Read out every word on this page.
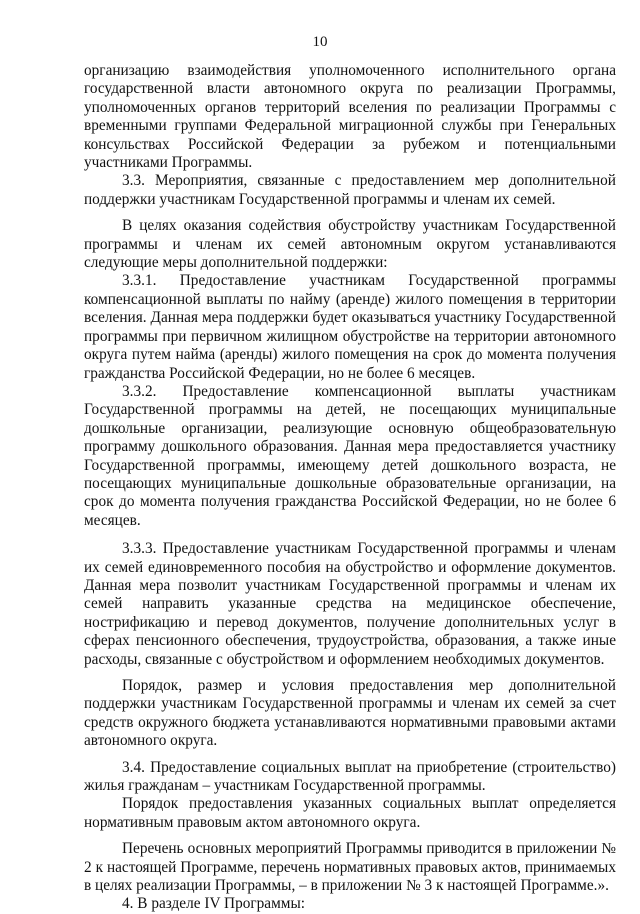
10

организацию взаимодействия уполномоченного исполнительного органа государственной власти автономного округа по реализации Программы, уполномоченных органов территорий вселения по реализации Программы с временными группами Федеральной миграционной службы при Генеральных консульствах Российской Федерации за рубежом и потенциальными участниками Программы.

3.3. Мероприятия, связанные с предоставлением мер дополнительной поддержки участникам Государственной программы и членам их семей.

В целях оказания содействия обустройству участникам Государственной программы и членам их семей автономным округом устанавливаются следующие меры дополнительной поддержки:

3.3.1. Предоставление участникам Государственной программы компенсационной выплаты по найму (аренде) жилого помещения в территории вселения. Данная мера поддержки будет оказываться участнику Государственной программы при первичном жилищном обустройстве на территории автономного округа путем найма (аренды) жилого помещения на срок до момента получения гражданства Российской Федерации, но не более 6 месяцев.

3.3.2. Предоставление компенсационной выплаты участникам Государственной программы на детей, не посещающих муниципальные дошкольные организации, реализующие основную общеобразовательную программу дошкольного образования. Данная мера предоставляется участнику Государственной программы, имеющему детей дошкольного возраста, не посещающих муниципальные дошкольные образовательные организации, на срок до момента получения гражданства Российской Федерации, но не более 6 месяцев.

3.3.3. Предоставление участникам Государственной программы и членам их семей единовременного пособия на обустройство и оформление документов. Данная мера позволит участникам Государственной программы и членам их семей направить указанные средства на медицинское обеспечение, нострификацию и перевод документов, получение дополнительных услуг в сферах пенсионного обеспечения, трудоустройства, образования, а также иные расходы, связанные с обустройством и оформлением необходимых документов.

Порядок, размер и условия предоставления мер дополнительной поддержки участникам Государственной программы и членам их семей за счет средств окружного бюджета устанавливаются нормативными правовыми актами автономного округа.

3.4. Предоставление социальных выплат на приобретение (строительство) жилья гражданам – участникам Государственной программы.

Порядок предоставления указанных социальных выплат определяется нормативным правовым актом автономного округа.

Перечень основных мероприятий Программы приводится в приложении № 2 к настоящей Программе, перечень нормативных правовых актов, принимаемых в целях реализации Программы, – в приложении № 3 к настоящей Программе.».

4. В разделе IV Программы:
